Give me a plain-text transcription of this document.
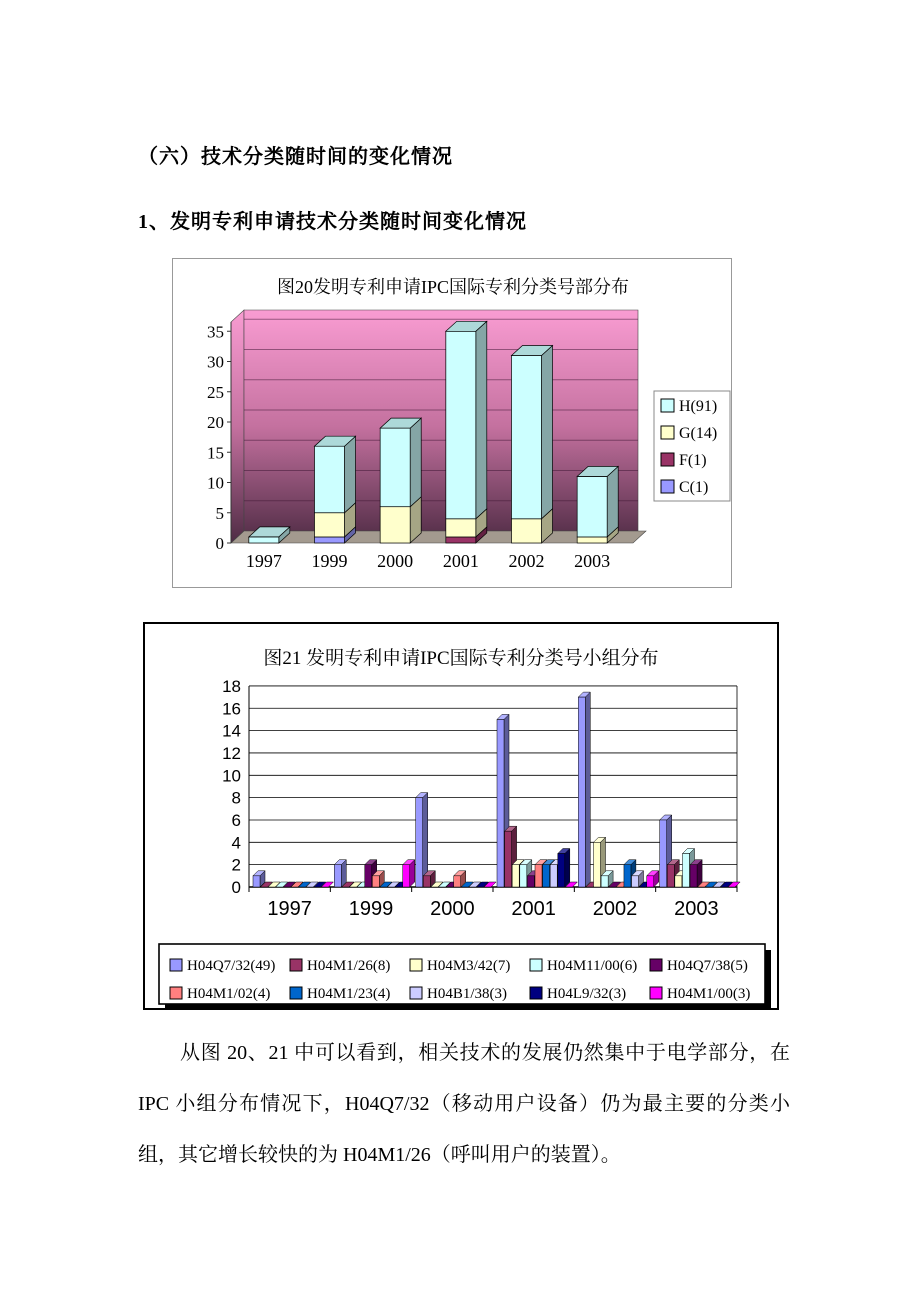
（六）技术分类随时间的变化情况
1、发明专利申请技术分类随时间变化情况
图20发明专利申请IPC国际专利分类号部分布
0
5
10
15
20
25
30
35
1997 1999 2000 2001 2002 2003
H(91)
G(14)
F(1)
C(1)
图21 发明专利申请IPC国际专利分类号小组分布
0
2
4
6
8
10
12
14
16
18
1997 1999 2000 2001 2002 2003
H04Q7/32(49) H04M1/26(8) H04M3/42(7) H04M11/00(6) H04Q7/38(5)
H04M1/02(4) H04M1/23(4) H04B1/38(3)	H04L9/32(3)	H04M1/00(3)
从图 20、21 中可以看到，相关技术的发展仍然集中于电学部分，在 IPC 小组分布情况下，H04Q7/32（移动用户设备）仍为最主要的分类小组，其它增长较快的为 H04M1/26（呼叫用户的装置）。
